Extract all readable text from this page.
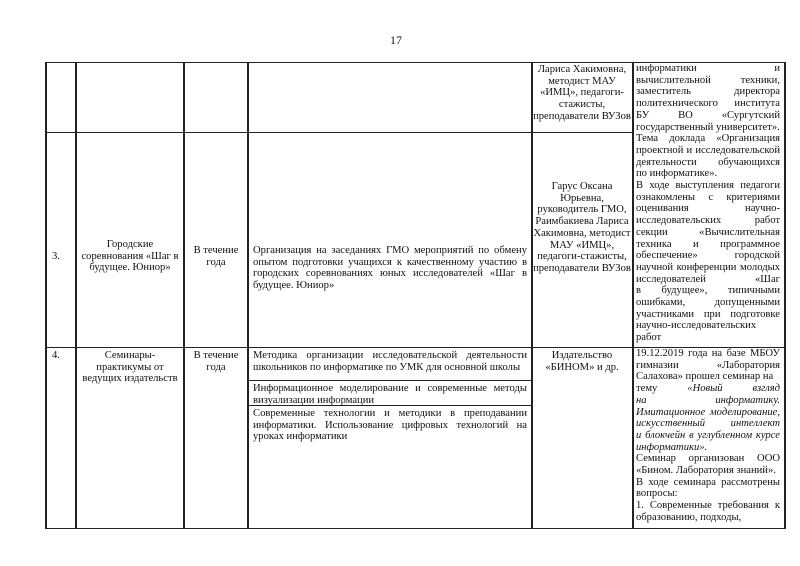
17
Лариса Хакимовна, методист МАУ «ИМЦ», педагоги-стажисты, преподаватели ВУЗов
3.
Городские соревнования «Шаг в будущее. Юниор»
В течение года
Организация на заседаниях ГМО мероприятий по обмену опытом подготовки учащихся к качественному участию в городских соревнованиях юных исследователей «Шаг в будущее. Юниор»
Гарус Оксана Юрьевна, руководитель ГМО, Раимбакиева Лариса Хакимовна, методист МАУ «ИМЦ», педагоги-стажисты, преподаватели ВУЗов
4.	Семинары-практикумы от ведущих издательств
В течение года
Методика организации исследовательской деятельности школьников по информатике по УМК для основной школы
Информационное моделирование и современные методы визуализации информации
Современные технологии и методики в преподавании информатики. Использование цифровых технологий на уроках информатики
Издательство «БИНОМ» и др.
информатики и
вычислительной техники,
заместитель директора
политехнического института
БУ ВО «Сургутский
государственный университет».
Тема доклада «Организация
проектной и исследовательской
деятельности обучающихся
по информатике».
В ходе выступления педагоги
ознакомлены с критериями
оценивания научно-
исследовательских работ
секции «Вычислительная
техника и программное
обеспечение» городской
научной конференции молодых
исследователей «Шаг
в будущее», типичными
ошибками, допущенными
участниками при подготовке
научно-исследовательских
работ
19.12.2019 года на базе МБОУ
гимназии «Лаборатория
Салахова» прошел семинар на
тему «Новый взгляд
на информатику.
Имитационное моделирование,
искусственный интеллект
и блокчейн в углубленном курсе
информатики».
Семинар организован ООО
«Бином. Лаборатория знаний».
В ходе семинара рассмотрены
вопросы:
1. Современные требования к
образованию, подходы,
